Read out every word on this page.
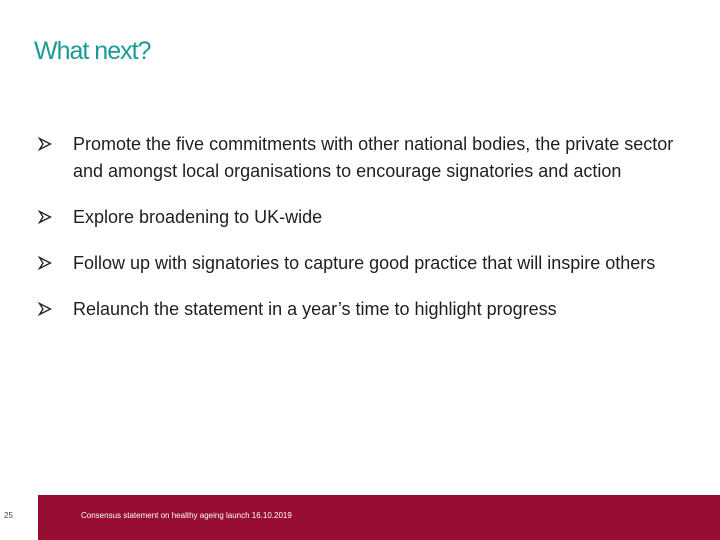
What next?
Promote the five commitments with other national bodies, the private sector and amongst local organisations to encourage signatories and action
Explore broadening to UK-wide
Follow up with signatories to capture good practice that will inspire others
Relaunch the statement in a year’s time to highlight progress
25	Consensus statement on healthy ageing launch 16.10.2019
